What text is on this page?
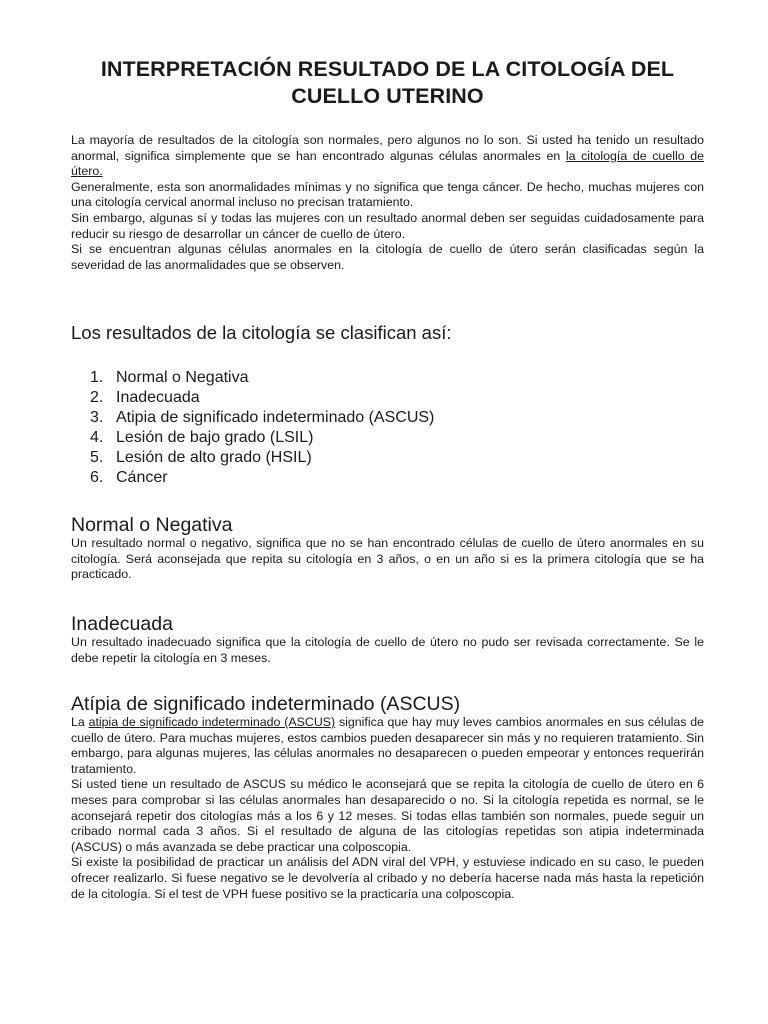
INTERPRETACIÓN RESULTADO DE LA CITOLOGÍA DEL CUELLO UTERINO

La mayoría de resultados de la citología son normales, pero algunos no lo son. Si usted ha tenido un resultado anormal, significa simplemente que se han encontrado algunas células anormales en la citología de cuello de útero.

Generalmente, esta son anormalidades mínimas y no significa que tenga cáncer. De hecho, muchas mujeres con una citología cervical anormal incluso no precisan tratamiento.

Sin embargo, algunas sí y todas las mujeres con un resultado anormal deben ser seguidas cuidadosamente para reducir su riesgo de desarrollar un cáncer de cuello de útero.

Si se encuentran algunas células anormales en la citología de cuello de útero serán clasificadas según la severidad de las anormalidades que se observen.

Los resultados de la citología se clasifican así:
1. Normal o Negativa
2. Inadecuada
3. Atipia de significado indeterminado (ASCUS)
4. Lesión de bajo grado (LSIL)
5. Lesión de alto grado (HSIL)
6. Cáncer
Normal o Negativa

Un resultado normal o negativo, significa que no se han encontrado células de cuello de útero anormales en su citología. Será aconsejada que repita su citología en 3 años, o en un año si es la primera citología que se ha practicado.

Inadecuada

Un resultado inadecuado significa que la citología de cuello de útero no pudo ser revisada correctamente. Se le debe repetir la citología en 3 meses.

Atípia de significado indeterminado (ASCUS)

La atipia de significado indeterminado (ASCUS) significa que hay muy leves cambios anormales en sus células de cuello de útero. Para muchas mujeres, estos cambios pueden desaparecer sin más y no requieren tratamiento. Sin embargo, para algunas mujeres, las células anormales no desaparecen o pueden empeorar y entonces requerirán tratamiento.

Si usted tiene un resultado de ASCUS su médico le aconsejará que se repita la citología de cuello de útero en 6 meses para comprobar si las células anormales han desaparecido o no. Si la citología repetida es normal, se le aconsejará repetir dos citologías más a los 6 y 12 meses. Si todas ellas también son normales, puede seguir un cribado normal cada 3 años. Si el resultado de alguna de las citologías repetidas son atipia indeterminada (ASCUS) o más avanzada se debe practicar una colposcopia.

Si existe la posibilidad de practicar un análisis del ADN viral del VPH, y estuviese indicado en su caso, le pueden ofrecer realizarlo. Si fuese negativo se le devolvería al cribado y no debería hacerse nada más hasta la repetición de la citología. Si el test de VPH fuese positivo se la practicaría una colposcopia.
